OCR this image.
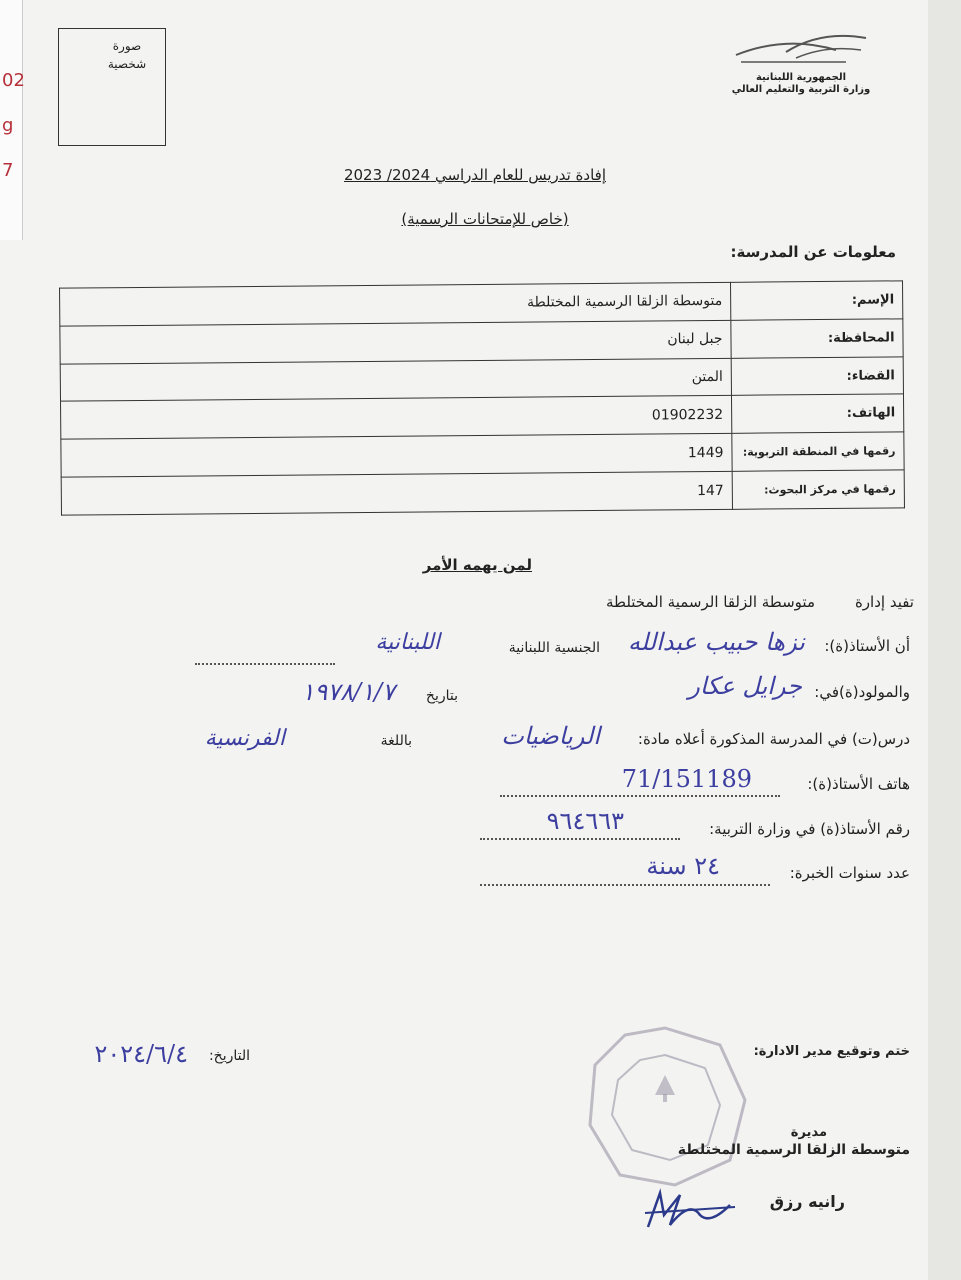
02
g
7
صورة
شخصية
الجمهورية اللبنانية
وزارة التربية والتعليم العالي
إفادة تدريس للعام الدراسي 2024/ 2023
(خاص للإمتحانات الرسمية)
معلومات عن المدرسة:
الإسم:	متوسطة الزلقا الرسمية المختلطة
المحافظة:	جبل لبنان
القضاء:	المتن
الهاتف:	01902232
رقمها في المنطقة التربوية:	1449
رقمها في مركز البحوث:	147
لمن يهمه الأمر
تفيد إدارة
متوسطة الزلقا الرسمية المختلطة
أن الأستاذ(ة):
نزها حبيب عبدالله
الجنسية اللبنانية
اللبنانية
والمولود(ة)في:
جرايل عكار
بتاريخ
١٩٧٨/١/٧
درس(ت) في المدرسة المذكورة أعلاه مادة:
الرياضيات
باللغة
الفرنسية
هاتف الأستاذ(ة):
71/151189
رقم الأستاذ(ة) في وزارة التربية:
٩٦٤٦٦٣
عدد سنوات الخبرة:
٢٤ سنة
ختم وتوقيع مدير الادارة:
التاريخ:
٢٠٢٤/٦/٤
مديرة
متوسطة الزلقا الرسمية المختلطة
رانيه رزق
